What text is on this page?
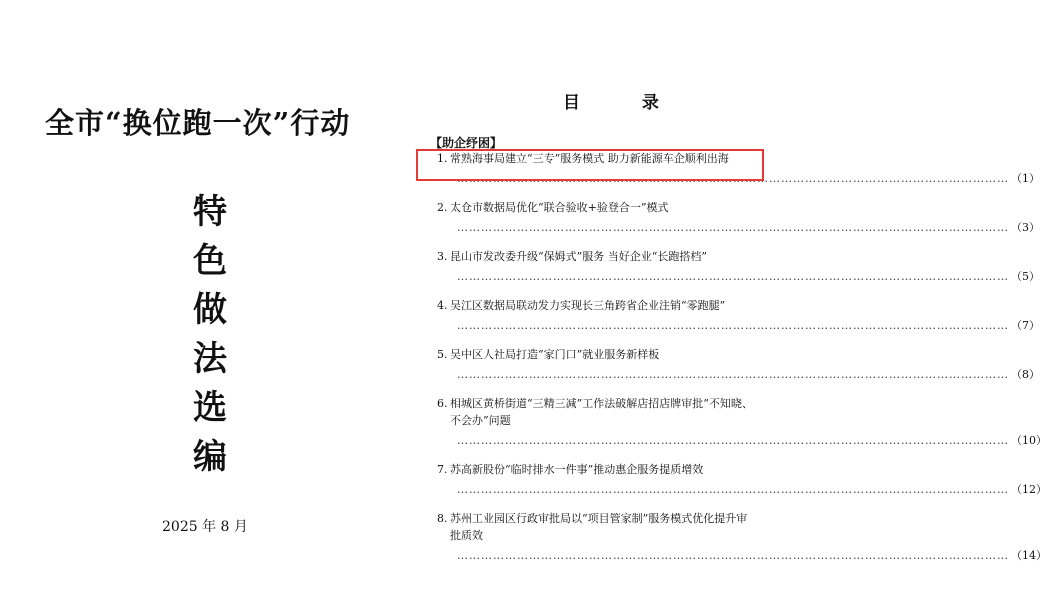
全市“换位跑一次”行动
特
色
做
法
选
编
2025 年 8 月
目 录
【助企纾困】
1. 常熟海事局建立“三专”服务模式 助力新能源车企顺利出海
………………………………………………………………………………………………………………………… （1）
2. 太仓市数据局优化“联合验收+验登合一”模式
………………………………………………………………………………………………………………………… （3）
3. 昆山市发改委升级“保姆式”服务 当好企业“长跑搭档”
………………………………………………………………………………………………………………………… （5）
4. 吴江区数据局联动发力实现长三角跨省企业注销“零跑腿”
………………………………………………………………………………………………………………………… （7）
5. 吴中区人社局打造“家门口”就业服务新样板
………………………………………………………………………………………………………………………… （8）
6. 相城区黄桥街道“三精三减”工作法破解店招店牌审批“不知晓、
不会办”问题
………………………………………………………………………………………………………………………… （10）
7. 苏高新股份“临时排水一件事”推动惠企服务提质增效
………………………………………………………………………………………………………………………… （12）
8. 苏州工业园区行政审批局以“项目管家制”服务模式优化提升审
批质效
………………………………………………………………………………………………………………………… （14）
